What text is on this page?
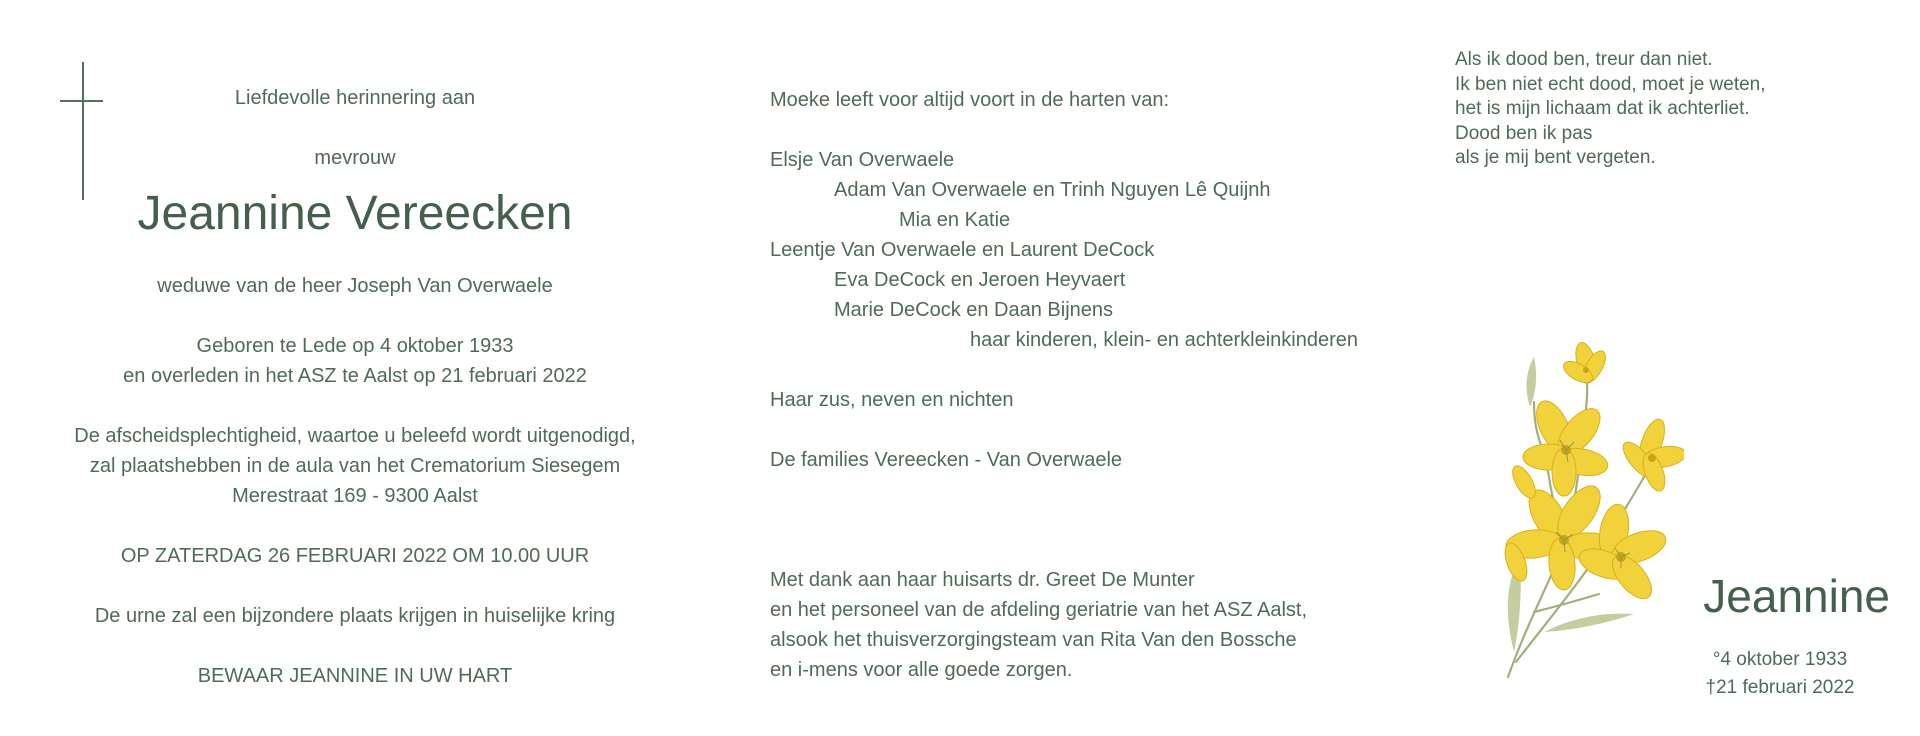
Liefdevolle herinnering aan
mevrouw
Jeannine Vereecken
weduwe van de heer Joseph Van Overwaele
Geboren te Lede op 4 oktober 1933
en overleden in het ASZ te Aalst op 21 februari 2022
De afscheidsplechtigheid, waartoe u beleefd wordt uitgenodigd,
zal plaatshebben in de aula van het Crematorium Siesegem
Merestraat 169 - 9300 Aalst
OP ZATERDAG 26 FEBRUARI 2022 OM 10.00 UUR
De urne zal een bijzondere plaats krijgen in huiselijke kring
BEWAAR JEANNINE IN UW HART
Moeke leeft voor altijd voort in de harten van:
Elsje Van Overwaele
Adam Van Overwaele en Trinh Nguyen Lê Quijnh
Mia en Katie
Leentje Van Overwaele en Laurent DeCock
Eva DeCock en Jeroen Heyvaert
Marie DeCock en Daan Bijnens
haar kinderen, klein- en achterkleinkinderen
Haar zus, neven en nichten
De families Vereecken - Van Overwaele
Met dank aan haar huisarts dr. Greet De Munter
en het personeel van de afdeling geriatrie van het ASZ Aalst,
alsook het thuisverzorgingsteam van Rita Van den Bossche
en i-mens voor alle goede zorgen.
Als ik dood ben, treur dan niet.
Ik ben niet echt dood, moet je weten,
het is mijn lichaam dat ik achterliet.
Dood ben ik pas
als je mij bent vergeten.
Jeannine
°4 oktober 1933
†21 februari 2022
